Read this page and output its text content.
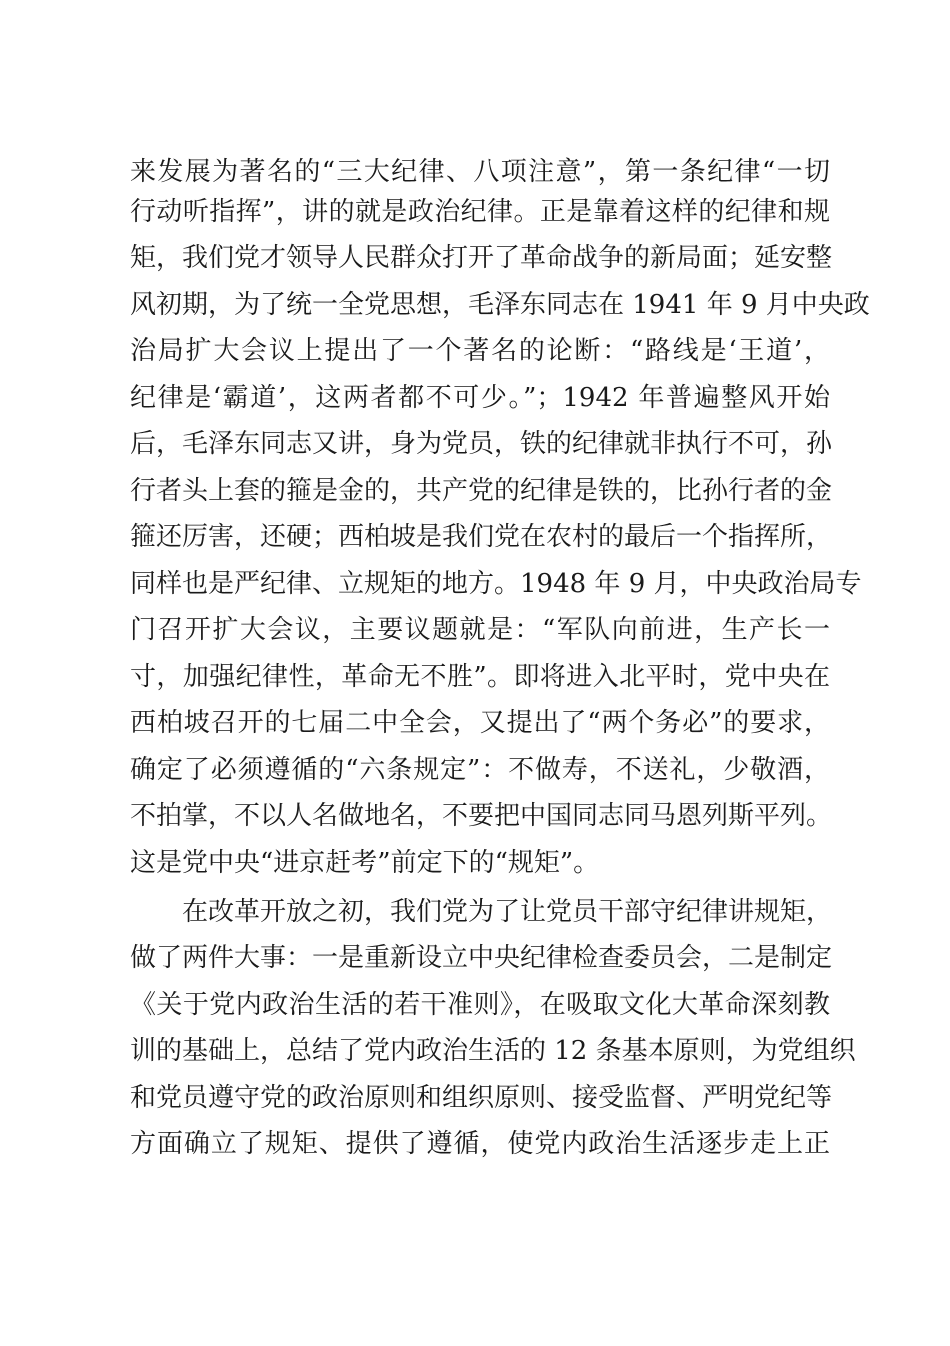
来发展为著名的“三大纪律、八项注意”，第一条纪律“一切
行动听指挥”，讲的就是政治纪律。正是靠着这样的纪律和规
矩，我们党才领导人民群众打开了革命战争的新局面；延安整
风初期，为了统一全党思想，毛泽东同志在 1941 年 9 月中央政
治局扩大会议上提出了一个著名的论断：“路线是‘王道’，
纪律是‘霸道’，这两者都不可少。”；1942 年普遍整风开始
后，毛泽东同志又讲，身为党员，铁的纪律就非执行不可，孙
行者头上套的箍是金的，共产党的纪律是铁的，比孙行者的金
箍还厉害，还硬；西柏坡是我们党在农村的最后一个指挥所，
同样也是严纪律、立规矩的地方。1948 年 9 月，中央政治局专
门召开扩大会议，主要议题就是：“军队向前进，生产长一
寸，加强纪律性，革命无不胜”。即将进入北平时，党中央在
西柏坡召开的七届二中全会，又提出了“两个务必”的要求，
确定了必须遵循的“六条规定”：不做寿，不送礼，少敬酒，
不拍掌，不以人名做地名，不要把中国同志同马恩列斯平列。
这是党中央“进京赶考”前定下的“规矩”。
在改革开放之初，我们党为了让党员干部守纪律讲规矩，
做了两件大事：一是重新设立中央纪律检查委员会，二是制定
《关于党内政治生活的若干准则》，在吸取文化大革命深刻教
训的基础上，总结了党内政治生活的 12 条基本原则，为党组织
和党员遵守党的政治原则和组织原则、接受监督、严明党纪等
方面确立了规矩、提供了遵循，使党内政治生活逐步走上正
